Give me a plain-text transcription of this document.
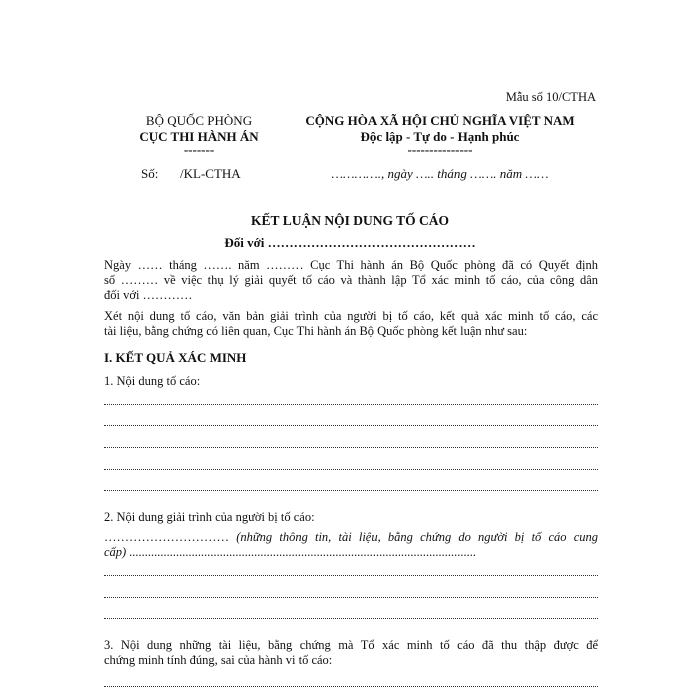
Mẫu số 10/CTHA
BỘ QUỐC PHÒNG
CỤC THI HÀNH ÁN
-------
CỘNG HÒA XÃ HỘI CHỦ NGHĨA VIỆT NAM
Độc lập - Tự do - Hạnh phúc
---------------
Số: /KL-CTHA	…………., ngày ….. tháng ……. năm ……
KẾT LUẬN NỘI DUNG TỐ CÁO
Đối với …………………………………………
Ngày …… tháng ……. năm ……… Cục Thi hành án Bộ Quốc phòng đã có Quyết định
số ……… về việc thụ lý giải quyết tố cáo và thành lập Tổ xác minh tố cáo, của công dân
đối với …………
Xét nội dung tố cáo, văn bản giải trình của người bị tố cáo, kết quả xác minh tố cáo, các
tài liệu, bằng chứng có liên quan, Cục Thi hành án Bộ Quốc phòng kết luận như sau:
I. KẾT QUẢ XÁC MINH
1. Nội dung tố cáo:
2. Nội dung giải trình của người bị tố cáo:
………………………… (những thông tin, tài liệu, bằng chứng do người bị tố cáo cung
cấp) ...............................................................................................................
3. Nội dung những tài liệu, bằng chứng mà Tổ xác minh tố cáo đã thu thập được để
chứng minh tính đúng, sai của hành vi tố cáo:
